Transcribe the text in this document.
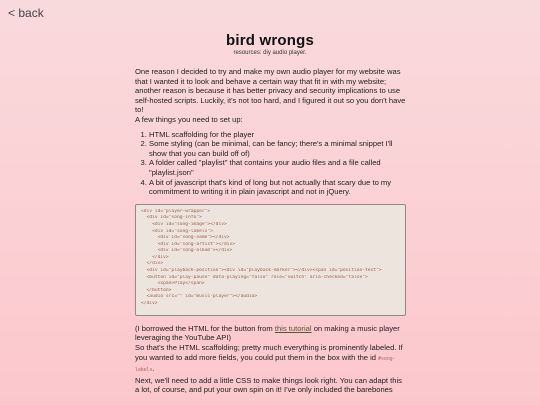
< back
bird wrongs
resources: diy audio player.

One reason I decided to try and make my own audio player for my website was that I wanted it to look and behave a certain way that fit in with my website; another reason is because it has better privacy and security implications to use self-hosted scripts. Luckily, it's not too hard, and I figured it out so you don't have to!

A few things you need to set up:

1. HTML scaffolding for the player
2. Some styling (can be minimal, can be fancy; there's a minimal snippet I'll show that you can build off of)
3. A folder called "playlist" that contains your audio files and a file called "playlist.json"
4. A bit of javascript that's kind of long but not actually that scary due to my commitment to writing it in plain javascript and not in jQuery.
<div id="player-wrapper">
<div id="song-info">
<div id="song-image"></div>
<div id="song-labels">
<div id="song-name"></div>
<div id="song-artist"></div>
<div id="song-album"></div>
</div>
</div>
<div id="playback-position"><div id="playback-marker"></div><span id="position-text">
<button id="play-pause" data-playing="false" role="switch" aria-checked="false">
<span>Play</span>
</button>
<audio src="" id="music-player"></audio>
</div>

(I borrowed the HTML for the button from this tutorial on making a music player leveraging the YouTube API)

So that's the HTML scaffolding; pretty much everything is prominently labeled. If you wanted to add more fields, you could put them in the box with the id #song-labels.

Next, we'll need to add a little CSS to make things look right. You can adapt this a lot, of course, and put your own spin on it! I've only included the barebones
